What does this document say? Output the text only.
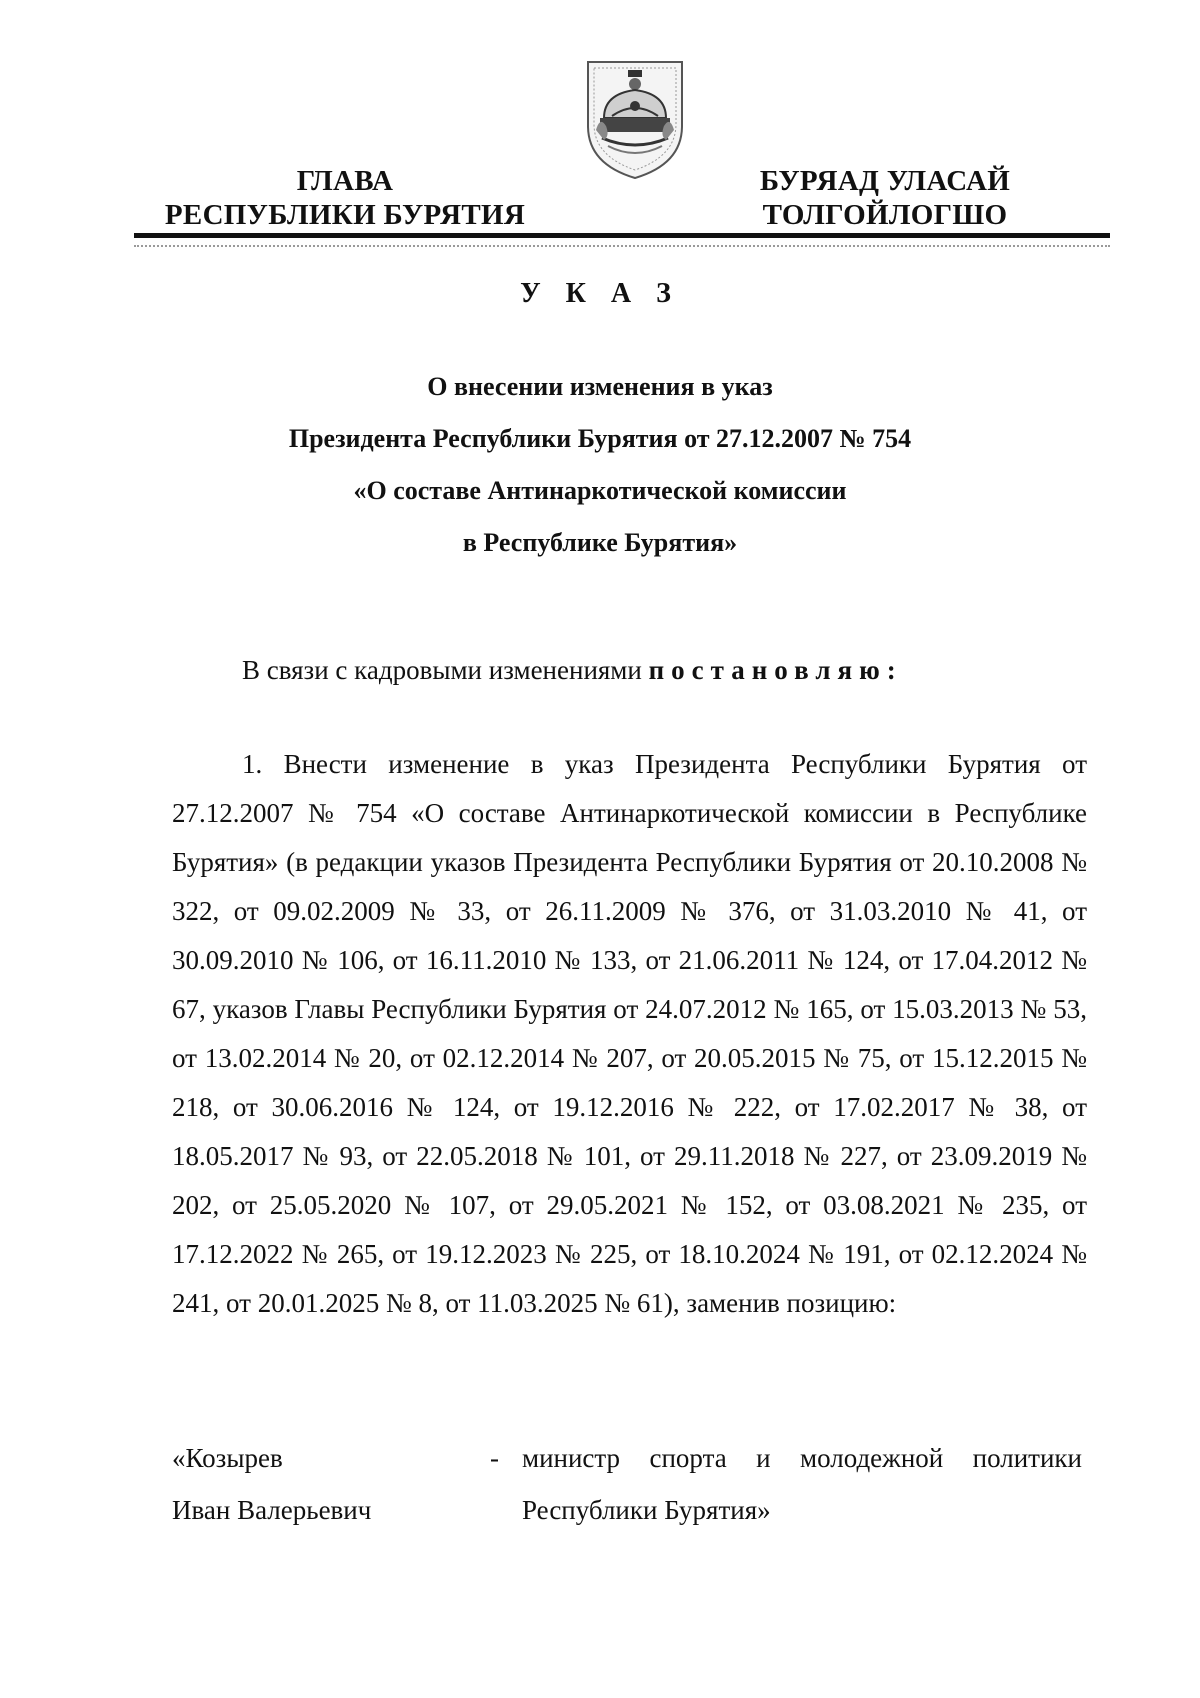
ГЛАВА
РЕСПУБЛИКИ БУРЯТИЯ
БУРЯАД УЛАСАЙ
ТОЛГОЙЛОГШО
У К А З
О внесении изменения в указ
Президента Республики Бурятия от 27.12.2007 № 754
«О составе Антинаркотической комиссии
в Республике Бурятия»
В связи с кадровыми изменениями постановляю:

1. Внести изменение в указ Президента Республики Бурятия от 27.12.2007 № 754 «О составе Антинаркотической комиссии в Республике Бурятия» (в редакции указов Президента Республики Бурятия от 20.10.2008 № 322, от 09.02.2009 № 33, от 26.11.2009 № 376, от 31.03.2010 № 41, от 30.09.2010 № 106, от 16.11.2010 № 133, от 21.06.2011 № 124, от 17.04.2012 № 67, указов Главы Республики Бурятия от 24.07.2012 № 165, от 15.03.2013 № 53, от 13.02.2014 № 20, от 02.12.2014 № 207, от 20.05.2015 № 75, от 15.12.2015 № 218, от 30.06.2016 № 124, от 19.12.2016 № 222, от 17.02.2017 № 38, от 18.05.2017 № 93, от 22.05.2018 № 101, от 29.11.2018 № 227, от 23.09.2019 № 202, от 25.05.2020 № 107, от 29.05.2021 № 152, от 03.08.2021 № 235, от 17.12.2022 № 265, от 19.12.2023 № 225, от 18.10.2024 № 191, от 02.12.2024 № 241, от 20.01.2025 № 8, от 11.03.2025 № 61), заменив позицию:

«Козырев
Иван Валерьевич
- министр спорта и молодежной политики
Республики Бурятия»
